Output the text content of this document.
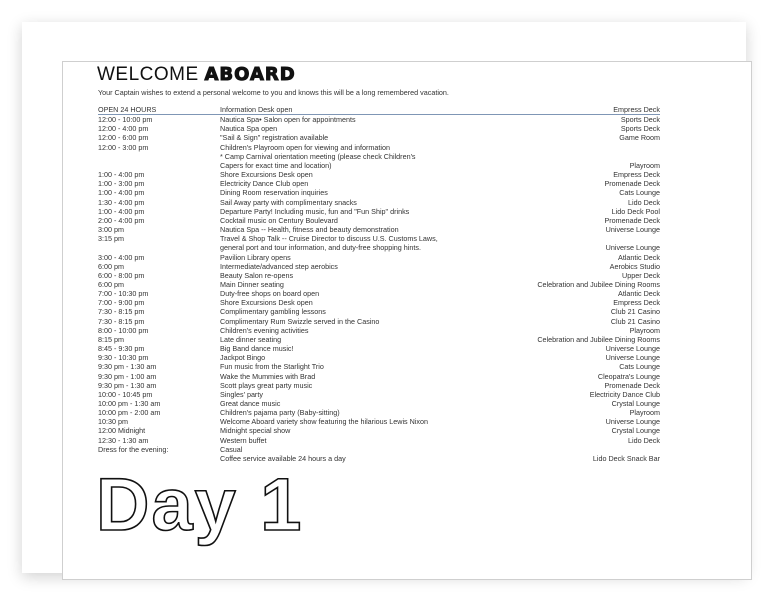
WELCOME ABOARD
Your Captain wishes to extend a personal welcome to you and knows this will be a long remembered vacation.
OPEN 24 HOURS	Information Desk open	Empress Deck
12:00 - 10:00 pm	Nautica Spa• Salon open for appointments	Sports Deck
12:00 - 4:00 pm	Nautica Spa open	Sports Deck
12:00 - 6:00 pm	"Sail & Sign" registration available	Game Room
12:00 - 3:00 pm	Children's Playroom open for viewing and information
* Camp Carnival orientation meeting (please check Children's
Capers for exact time and location)	Playroom
1:00 - 4:00 pm	Shore Excursions Desk open	Empress Deck
1:00 - 3:00 pm	Electricity Dance Club open	Promenade Deck
1:00 - 4:00 pm	Dining Room reservation inquiries	Cats Lounge
1:30 - 4:00 pm	Sail Away party with complimentary snacks	Lido Deck
1:00 - 4:00 pm	Departure Party! Including music, fun and "Fun Ship" drinks	Lido Deck Pool
2:00 - 4:00 pm	Cocktail music on Century Boulevard	Promenade Deck
3:00 pm	Nautica Spa -- Health, fitness and beauty demonstration	Universe Lounge
3:15 pm	Travel & Shop Talk -- Cruise Director to discuss U.S. Customs Laws,
general port and tour information, and duty-free shopping hints.	Universe Lounge
3:00 - 4:00 pm	Pavilion Library opens	Atlantic Deck
6:00 pm	Intermediate/advanced step aerobics	Aerobics Studio
6:00 - 8:00 pm	Beauty Salon re-opens	Upper Deck
6:00 pm	Main Dinner seating	Celebration and Jubilee Dining Rooms
7:00 - 10:30 pm	Duty-free shops on board open	Atlantic Deck
7:00 - 9:00 pm	Shore Excursions Desk open	Empress Deck
7:30 - 8:15 pm	Complimentary gambling lessons	Club 21 Casino
7:30 - 8:15 pm	Complimentary Rum Swizzle served in the Casino	Club 21 Casino
8:00 - 10:00 pm	Children's evening activities	Playroom
8:15 pm	Late dinner seating	Celebration and Jubilee Dining Rooms
8:45 - 9:30 pm	Big Band dance music!	Universe Lounge
9:30 - 10:30 pm	Jackpot Bingo	Universe Lounge
9:30 pm - 1:30 am	Fun music from the Starlight Trio	Cats Lounge
9:30 pm - 1:00 am	Wake the Mummies with Brad	Cleopatra's Lounge
9:30 pm - 1:30 am	Scott plays great party music	Promenade Deck
10:00 - 10:45 pm	Singles' party	Electricity Dance Club
10:00 pm - 1:30 am	Great dance music	Crystal Lounge
10:00 pm - 2:00 am	Children's pajama party (Baby-sitting)	Playroom
10:30 pm	Welcome Aboard variety show featuring the hilarious Lewis Nixon	Universe Lounge
12:00 Midnight	Midnight special show	Crystal Lounge
12:30 - 1:30 am	Western buffet	Lido Deck
Dress for the evening:	Casual
Coffee service available 24 hours a day	Lido Deck Snack Bar
Day 1
